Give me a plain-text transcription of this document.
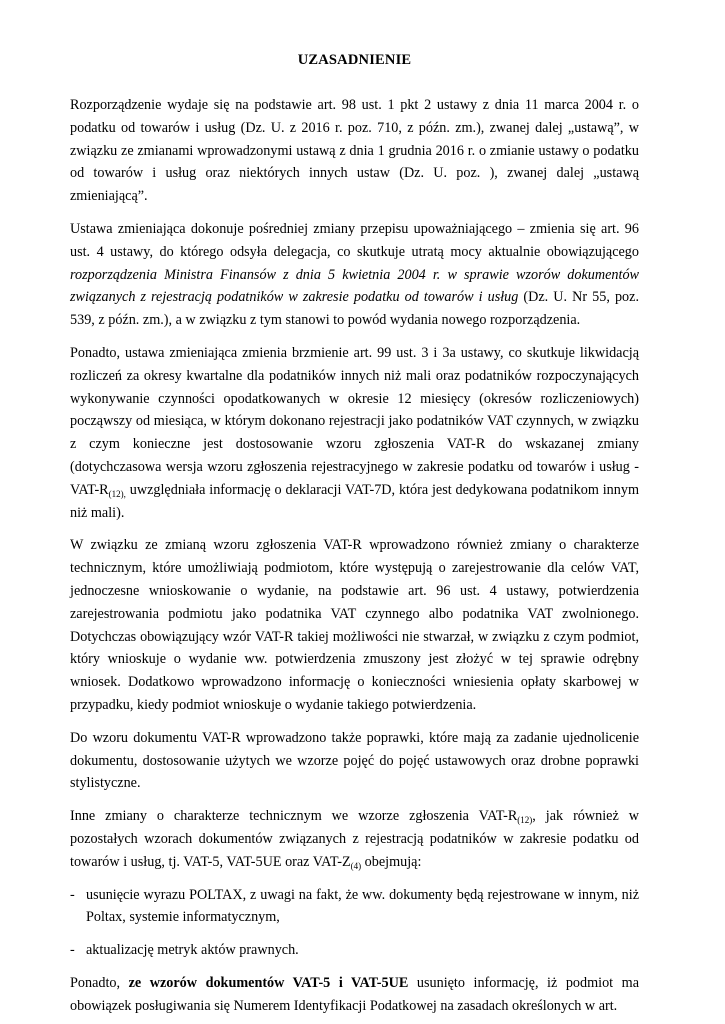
UZASADNIENIE

Rozporządzenie wydaje się na podstawie art. 98 ust. 1 pkt 2 ustawy z dnia 11 marca 2004 r. o podatku od towarów i usług (Dz. U. z 2016 r. poz. 710, z późn. zm.), zwanej dalej „ustawą”, w związku ze zmianami wprowadzonymi ustawą z dnia 1 grudnia 2016 r. o zmianie ustawy o podatku od towarów i usług oraz niektórych innych ustaw (Dz. U. poz. ), zwanej dalej „ustawą zmieniającą”.

Ustawa zmieniająca dokonuje pośredniej zmiany przepisu upoważniającego – zmienia się art. 96 ust. 4 ustawy, do którego odsyła delegacja, co skutkuje utratą mocy aktualnie obowiązującego rozporządzenia Ministra Finansów z dnia 5 kwietnia 2004 r. w sprawie wzorów dokumentów związanych z rejestracją podatników w zakresie podatku od towarów i usług (Dz. U. Nr 55, poz. 539, z późn. zm.), a w związku z tym stanowi to powód wydania nowego rozporządzenia.

Ponadto, ustawa zmieniająca zmienia brzmienie art. 99 ust. 3 i 3a ustawy, co skutkuje likwidacją rozliczeń za okresy kwartalne dla podatników innych niż mali oraz podatników rozpoczynających wykonywanie czynności opodatkowanych w okresie 12 miesięcy (okresów rozliczeniowych) począwszy od miesiąca, w którym dokonano rejestracji jako podatników VAT czynnych, w związku z czym konieczne jest dostosowanie wzoru zgłoszenia VAT-R do wskazanej zmiany (dotychczasowa wersja wzoru zgłoszenia rejestracyjnego w zakresie podatku od towarów i usług - VAT-$R_{(12),}$ uwzględniała informację o deklaracji VAT-7D, która jest dedykowana podatnikom innym niż mali).

W związku ze zmianą wzoru zgłoszenia VAT-R wprowadzono również zmiany o charakterze technicznym, które umożliwiają podmiotom, które występują o zarejestrowanie dla celów VAT, jednoczesne wnioskowanie o wydanie, na podstawie art. 96 ust. 4 ustawy, potwierdzenia zarejestrowania podmiotu jako podatnika VAT czynnego albo podatnika VAT zwolnionego. Dotychczas obowiązujący wzór VAT-R takiej możliwości nie stwarzał, w związku z czym podmiot, który wnioskuje o wydanie ww. potwierdzenia zmuszony jest złożyć w tej sprawie odrębny wniosek. Dodatkowo wprowadzono informację o konieczności wniesienia opłaty skarbowej w przypadku, kiedy podmiot wnioskuje o wydanie takiego potwierdzenia.

Do wzoru dokumentu VAT-R wprowadzono także poprawki, które mają za zadanie ujednolicenie dokumentu, dostosowanie użytych we wzorze pojęć do pojęć ustawowych oraz drobne poprawki stylistyczne.

Inne zmiany o charakterze technicznym we wzorze zgłoszenia VAT-$R_{(12)}$, jak również w pozostałych wzorach dokumentów związanych z rejestracją podatników w zakresie podatku od towarów i usług, tj. VAT-5, VAT-5UE oraz VAT-$Z_{(4)}$ obejmują:

- usunięcie wyrazu POLTAX, z uwagi na fakt, że ww. dokumenty będą rejestrowane w innym, niż Poltax, systemie informatycznym,
- aktualizację metryk aktów prawnych.

Ponadto, ze wzorów dokumentów VAT-5 i VAT-5UE usunięto informację, iż podmiot ma obowiązek posługiwania się Numerem Identyfikacji Podatkowej na zasadach określonych w art.
